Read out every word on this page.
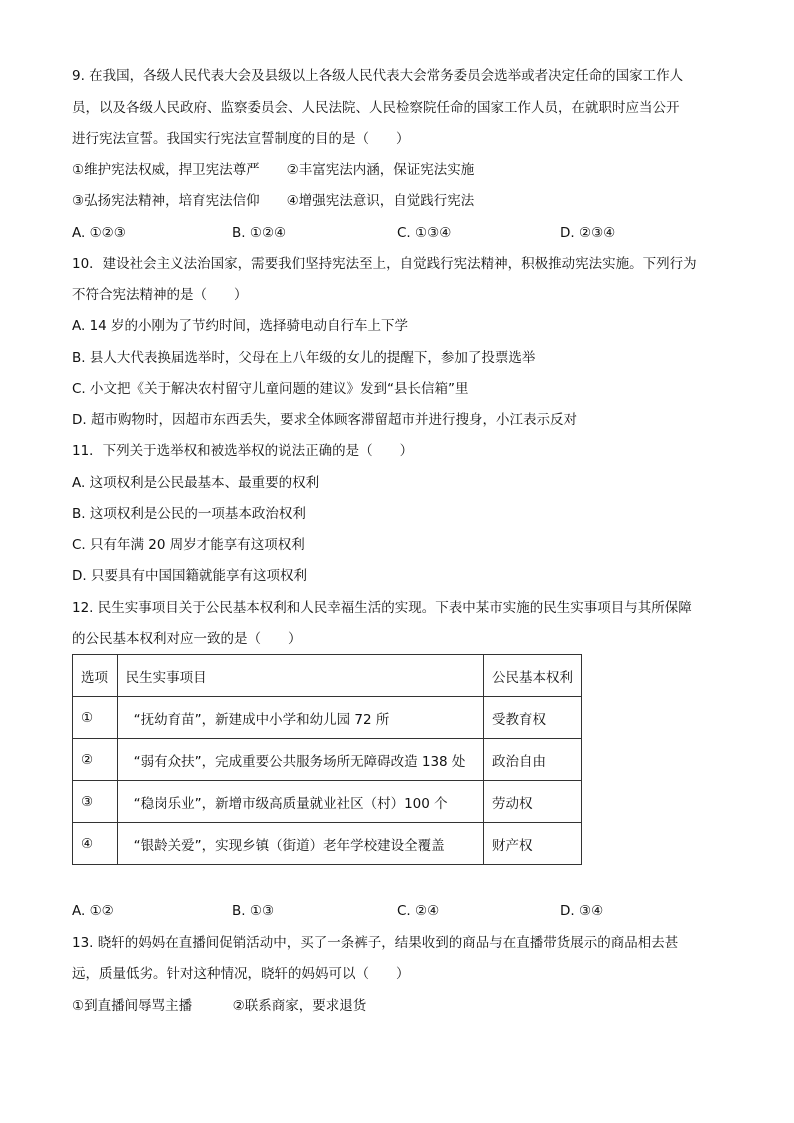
9. 在我国，各级人民代表大会及县级以上各级人民代表大会常务委员会选举或者决定任命的国家工作人
员，以及各级人民政府、监察委员会、人民法院、人民检察院任命的国家工作人员，在就职时应当公开
进行宪法宣誓。我国实行宪法宣誓制度的目的是（　　）
①维护宪法权威，捍卫宪法尊严　　②丰富宪法内涵，保证宪法实施
③弘扬宪法精神，培育宪法信仰　　④增强宪法意识，自觉践行宪法
A. ①②③	B. ①②④	C. ①③④	D. ②③④
10．建设社会主义法治国家，需要我们坚持宪法至上，自觉践行宪法精神，积极推动宪法实施。下列行为
不符合宪法精神的是（　　）
A. 14 岁的小刚为了节约时间，选择骑电动自行车上下学
B. 县人大代表换届选举时，父母在上八年级的女儿的提醒下，参加了投票选举
C. 小文把《关于解决农村留守儿童问题的建议》发到“县长信箱”里
D. 超市购物时，因超市东西丢失，要求全体顾客滞留超市并进行搜身，小江表示反对
11．下列关于选举权和被选举权的说法正确的是（　　）
A. 这项权利是公民最基本、最重要的权利
B. 这项权利是公民的一项基本政治权利
C. 只有年满 20 周岁才能享有这项权利
D. 只要具有中国国籍就能享有这项权利
12. 民生实事项目关于公民基本权利和人民幸福生活的实现。下表中某市实施的民生实事项目与其所保障
的公民基本权利对应一致的是（　　）
选项	民生实事项目	公民基本权利
①	“抚幼育苗”，新建成中小学和幼儿园 72 所	受教育权
②	“弱有众扶”，完成重要公共服务场所无障碍改造 138 处	政治自由
③	“稳岗乐业”，新增市级高质量就业社区（村）100 个	劳动权
④	“银龄关爱”，实现乡镇（街道）老年学校建设全覆盖	财产权
A. ①②	B. ①③	C. ②④	D. ③④
13. 晓轩的妈妈在直播间促销活动中，买了一条裤子，结果收到的商品与在直播带货展示的商品相去甚
远，质量低劣。针对这种情况，晓轩的妈妈可以（　　）
①到直播间辱骂主播　　　②联系商家，要求退货
